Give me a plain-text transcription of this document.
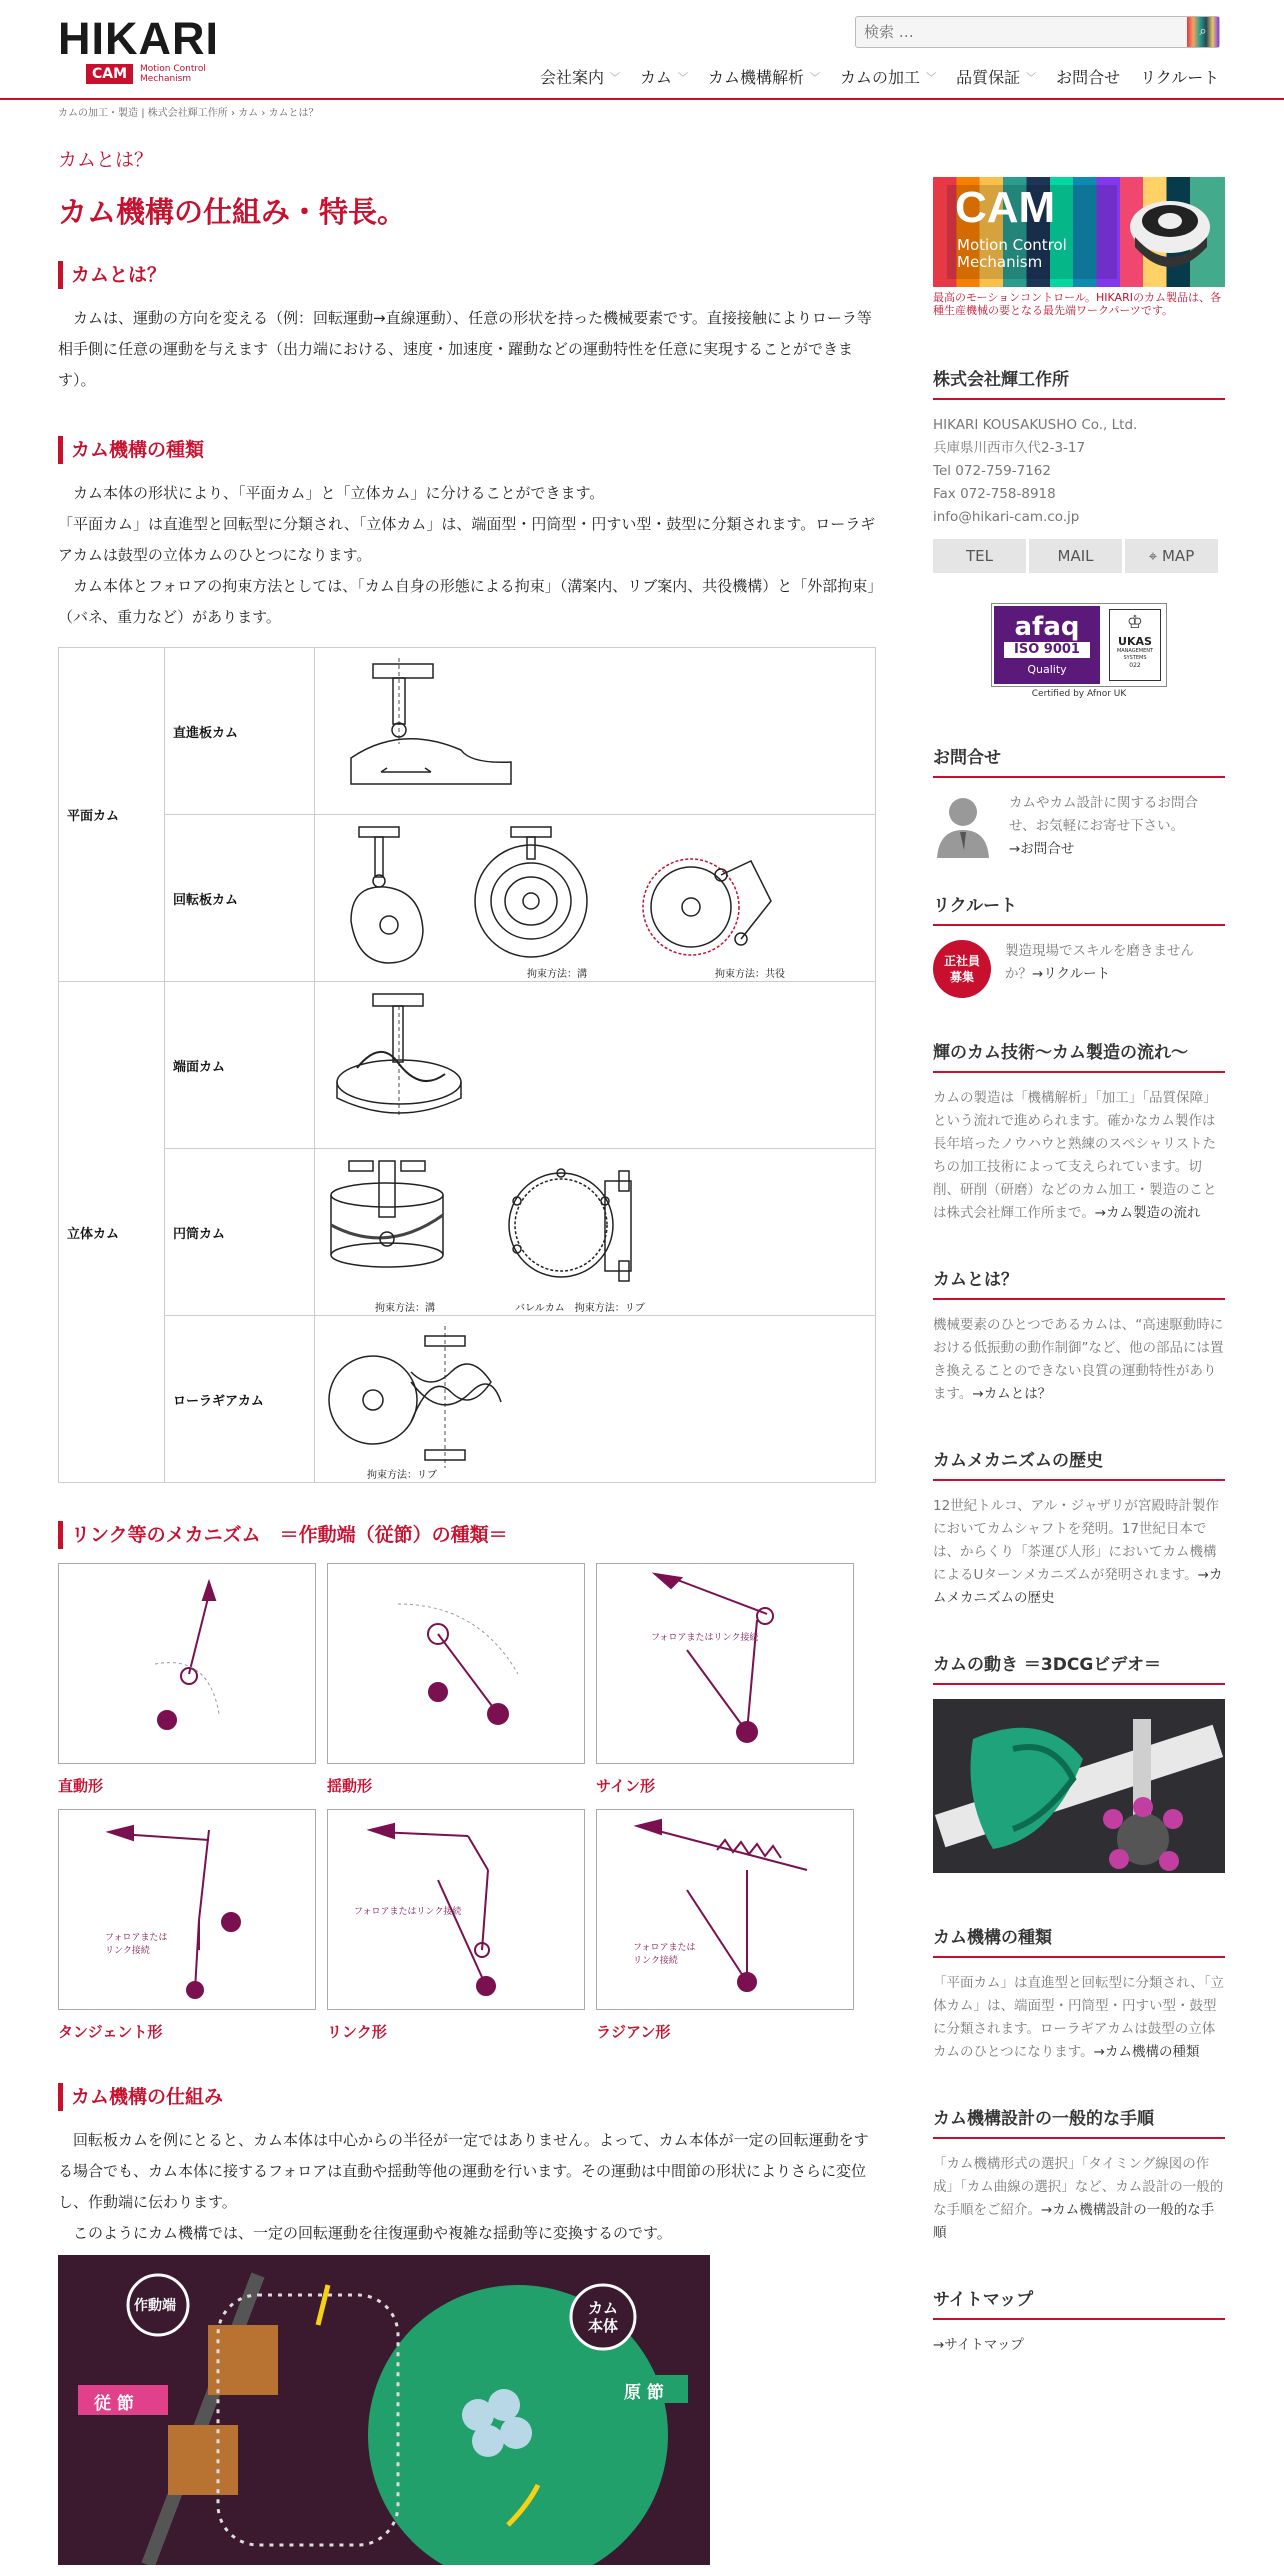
HIKARI
CAM	Motion Control Mechanism
検索 …
⌕
会社案内 ﹀ カム ﹀ カム機構解析 ﹀ カムの加工 ﹀ 品質保証 ﹀ お問合せ リクルート
カムの加工・製造 | 株式会社輝工作所 › カム › カムとは？
カムとは？
カム機構の仕組み・特長。
カムとは？

カムは、運動の方向を変える（例：回転運動→直線運動）、任意の形状を持った機械要素です。直接接触によりローラ等相手側に任意の運動を与えます（出力端における、速度・加速度・躍動などの運動特性を任意に実現することができます）。

カム機構の種類

カム本体の形状により、「平面カム」と「立体カム」に分けることができます。

「平面カム」は直進型と回転型に分類され、「立体カム」は、端面型・円筒型・円すい型・鼓型に分類されます。ローラギアカムは鼓型の立体カムのひとつになります。

カム本体とフォロアの拘束方法としては、「カム自身の形態による拘束」（溝案内、リブ案内、共役機構）と「外部拘束」（バネ、重力など）があります。

平面カム	直進板カム	
	回転板カム	拘束方法：溝 拘束方法：共役

立体カム	端面カム	
	円筒カム	拘束方法：溝 バレルカム　拘束方法：リブ

	ローラギアカム	拘束方法：リブ
リンク等のメカニズム　＝作動端（従節）の種類＝
直動形	揺動形
フォロアまたはリンク接続
サイン形
フォロアまたはリンク接続
タンジェント形
フォロアまたはリンク接続
リンク形
フォロアまたはリンク接続
ラジアン形
カム機構の仕組み

回転板カムを例にとると、カム本体は中心からの半径が一定ではありません。よって、カム本体が一定の回転運動をする場合でも、カム本体に接するフォロアは直動や揺動等他の運動を行います。その運動は中間節の形状によりさらに変位し、作動端に伝わります。

このようにカム機構では、一定の回転運動を往復運動や複雑な揺動等に変換するのです。

作動端	カム
本体
従 節
原 節
CAM
Motion Control Mechanism
最高のモーションコントロール。HIKARIのカム製品は、各種生産機械の要となる最先端ワークパーツです。
株式会社輝工作所
HIKARI KOUSAKUSHO Co., Ltd.
兵庫県川西市久代2-3-17
Tel 072-759-7162
Fax 072-758-8918
info@hikari-cam.co.jp
TEL	MAIL	⌖ MAP
afaq
ISO 9001
Quality
♔
UKAS
MANAGEMENT SYSTEMS
022
Certified by Afnor UK
お問合せ
カムやカム設計に関するお問合せ、お気軽にお寄せ下さい。
→お問合せ
リクルート
正社員
募集
製造現場でスキルを磨きませんか？→リクルート
輝のカム技術〜カム製造の流れ〜
カムの製造は「機構解析」「加工」「品質保障」という流れで進められます。確かなカム製作は長年培ったノウハウと熟練のスペシャリストたちの加工技術によって支えられています。切削、研削（研磨）などのカム加工・製造のことは株式会社輝工作所まで。→カム製造の流れ
カムとは？
機械要素のひとつであるカムは、“高速駆動時における低振動の動作制御”など、他の部品には置き換えることのできない良質の運動特性があります。→カムとは？
カムメカニズムの歴史
12世紀トルコ、アル・ジャザリが宮殿時計製作においてカムシャフトを発明。17世紀日本では、からくり「茶運び人形」においてカム機構によるUターンメカニズムが発明されます。→カムメカニズムの歴史
カムの動き ＝3DCGビデオ＝
カム機構の種類
「平面カム」は直進型と回転型に分類され、「立体カム」は、端面型・円筒型・円すい型・鼓型に分類されます。ローラギアカムは鼓型の立体カムのひとつになります。→カム機構の種類
カム機構設計の一般的な手順
「カム機構形式の選択」「タイミング線図の作成」「カム曲線の選択」など、カム設計の一般的な手順をご紹介。→カム機構設計の一般的な手順
サイトマップ
→サイトマップ
